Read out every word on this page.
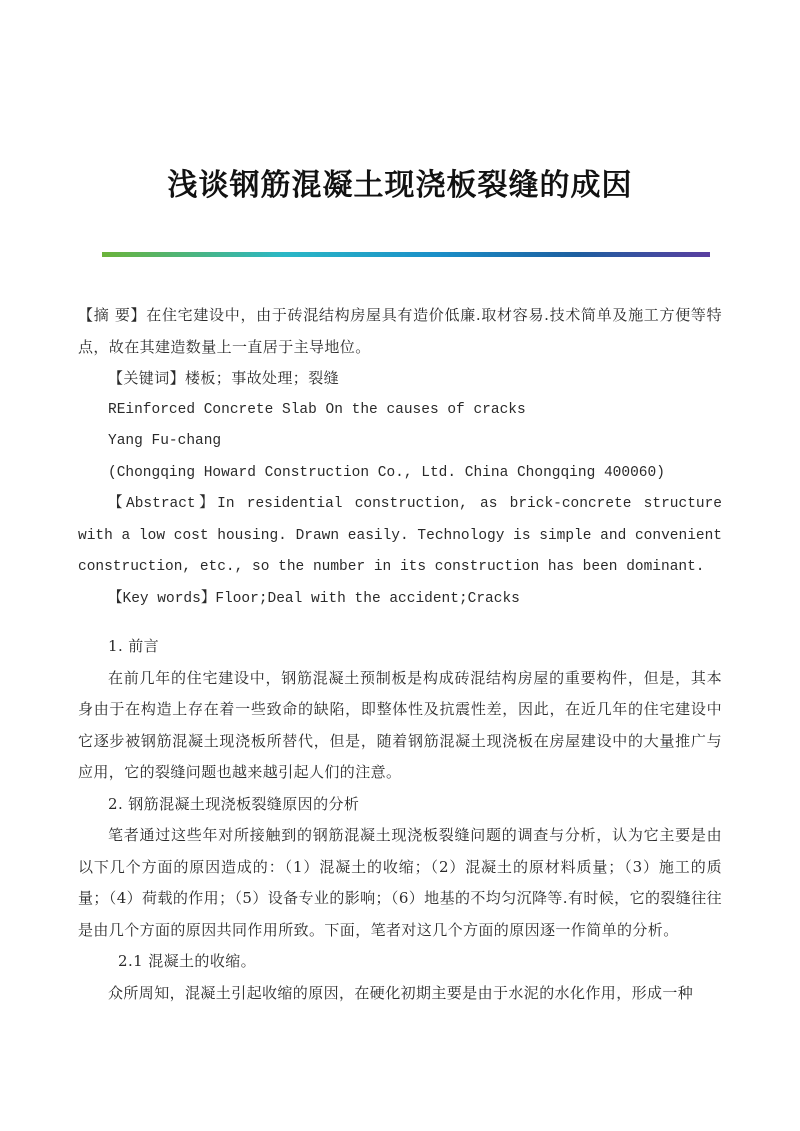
浅谈钢筋混凝土现浇板裂缝的成因

【摘 要】在住宅建设中，由于砖混结构房屋具有造价低廉.取材容易.技术简单及施工方便等特点，故在其建造数量上一直居于主导地位。

【关键词】楼板；事故处理；裂缝

REinforced Concrete Slab On the causes of cracks

Yang Fu-chang

(Chongqing Howard Construction Co., Ltd. China Chongqing 400060)

【Abstract】In residential construction, as brick-concrete structure with a low cost housing. Drawn easily. Technology is simple and convenient construction, etc., so the number in its construction has been dominant.

【Key words】Floor;Deal with the accident;Cracks

1. 前言

在前几年的住宅建设中，钢筋混凝土预制板是构成砖混结构房屋的重要构件，但是，其本身由于在构造上存在着一些致命的缺陷，即整体性及抗震性差，因此，在近几年的住宅建设中它逐步被钢筋混凝土现浇板所替代，但是，随着钢筋混凝土现浇板在房屋建设中的大量推广与应用，它的裂缝问题也越来越引起人们的注意。

2. 钢筋混凝土现浇板裂缝原因的分析

笔者通过这些年对所接触到的钢筋混凝土现浇板裂缝问题的调查与分析，认为它主要是由以下几个方面的原因造成的：（1）混凝土的收缩；（2）混凝土的原材料质量；（3）施工的质量；（4）荷载的作用；（5）设备专业的影响；（6）地基的不均匀沉降等.有时候，它的裂缝往往是由几个方面的原因共同作用所致。下面，笔者对这几个方面的原因逐一作简单的分析。

2.1 混凝土的收缩。

众所周知，混凝土引起收缩的原因，在硬化初期主要是由于水泥的水化作用，形成一种
